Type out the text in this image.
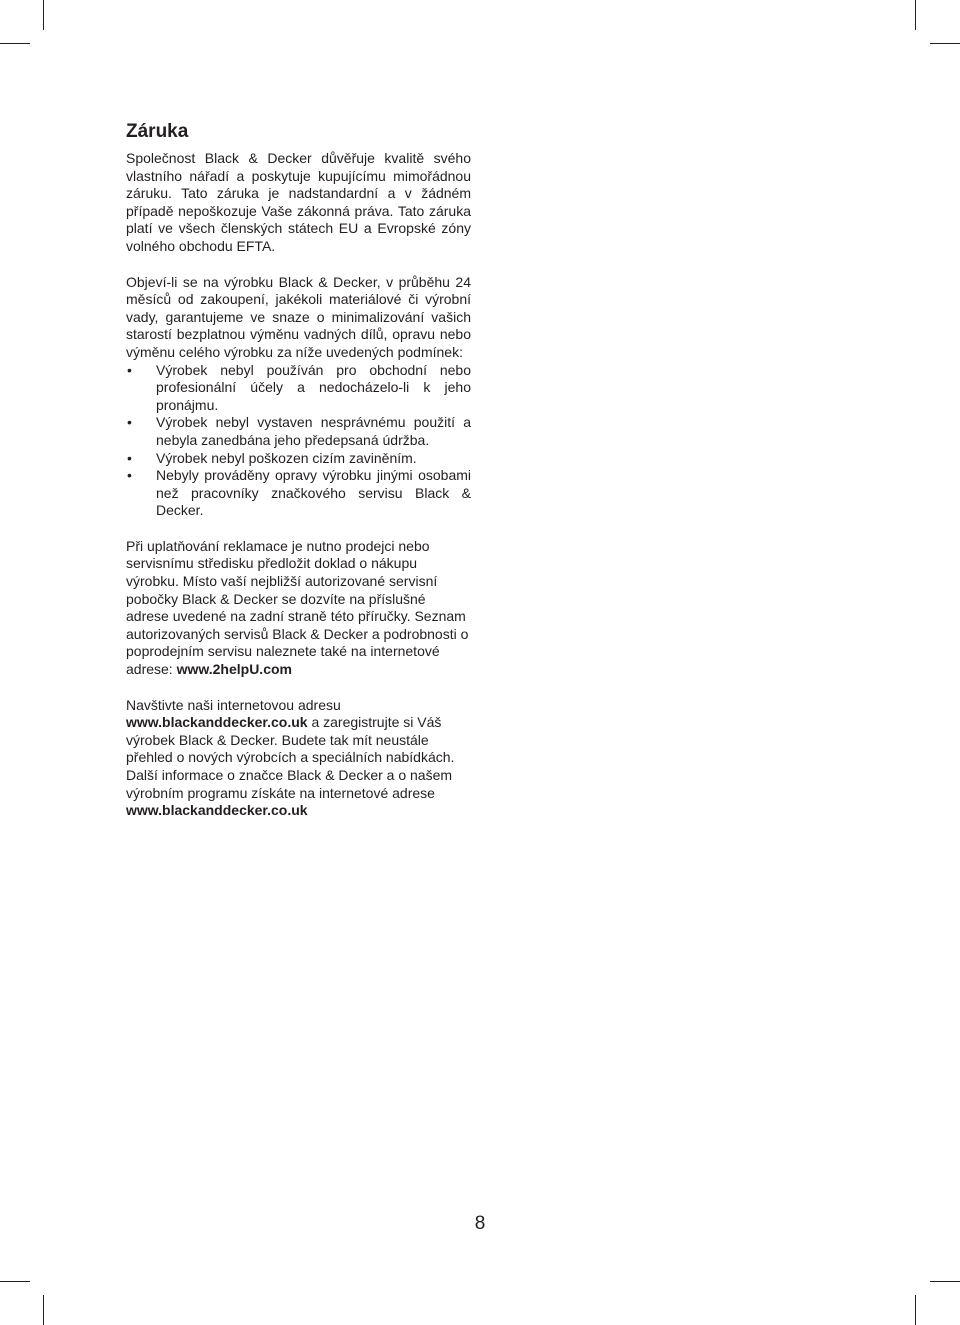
Záruka

Společnost Black & Decker důvěřuje kvalitě svého vlastního nářadí a poskytuje kupujícímu mimořádnou záruku. Tato záruka je nadstandardní a v žádném případě nepoškozuje Vaše zákonná práva. Tato záruka platí ve všech členských státech EU a Evropské zóny volného obchodu EFTA.

Objeví-li se na výrobku Black & Decker, v průběhu 24 měsíců od zakoupení, jakékoli materiálové či výrobní vady, garantujeme ve snaze o minimalizování vašich starostí bezplatnou výměnu vadných dílů, opravu nebo výměnu celého výrobku za níže uvedených podmínek:

• Výrobek nebyl používán pro obchodní nebo profesionální účely a nedocházelo-li k jeho pronájmu.
• Výrobek nebyl vystaven nesprávnému použití a nebyla zanedbána jeho předepsaná údržba.
• Výrobek nebyl poškozen cizím zaviněním.
• Nebyly prováděny opravy výrobku jinými osobami než pracovníky značkového servisu Black & Decker.

Při uplatňování reklamace je nutno prodejci nebo servisnímu středisku předložit doklad o nákupu výrobku. Místo vaší nejbližší autorizované servisní pobočky Black & Decker se dozvíte na příslušné adrese uvedené na zadní straně této příručky. Seznam autorizovaných servisů Black & Decker a podrobnosti o poprodejním servisu naleznete také na internetové adrese: www.2helpU.com

Navštivte naši internetovou adresu
www.blackanddecker.co.uk a zaregistrujte si Váš výrobek Black & Decker. Budete tak mít neustále přehled o nových výrobcích a speciálních nabídkách. Další informace o značce Black & Decker a o našem výrobním programu získáte na internetové adrese
www.blackanddecker.co.uk

8
